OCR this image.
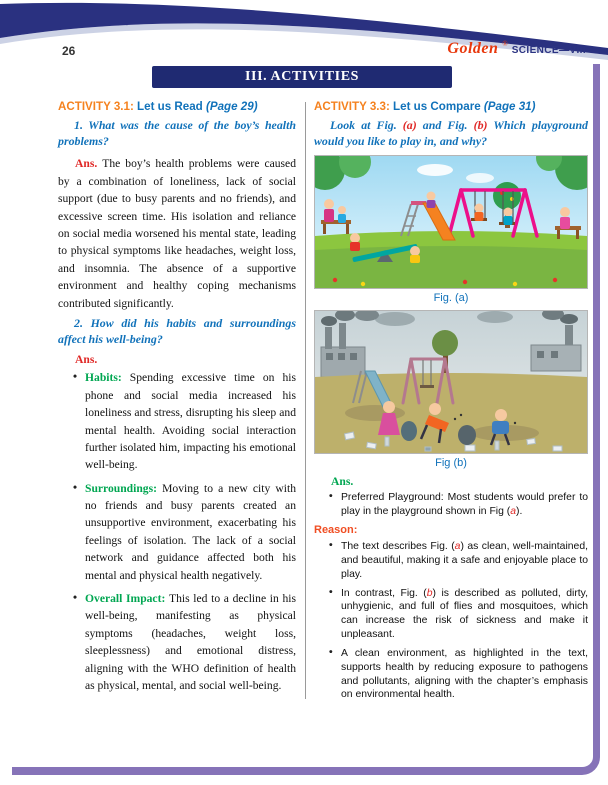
26	Golden ®
SCIENCE—VIII
III. ACTIVITIES

ACTIVITY 3.1: Let us Read (Page 29)

1. What was the cause of the boy’s health problems?

Ans. The boy’s health problems were caused by a combination of loneliness, lack of social support (due to busy parents and no friends), and excessive screen time. His isolation and reliance on social media worsened his mental state, leading to physical symptoms like headaches, weight loss, and insomnia. The absence of a supportive environment and healthy coping mechanisms contributed significantly.

2. How did his habits and surroundings affect his well-being?

Ans.

• Habits: Spending excessive time on his phone and social media increased his loneliness and stress, disrupting his sleep and mental health. Avoiding social interaction further isolated him, impacting his emotional well-being.
• Surroundings: Moving to a new city with no friends and busy parents created an unsupportive environment, exacerbating his feelings of isolation. The lack of a social network and guidance affected both his mental and physical health negatively.
• Overall Impact: This led to a decline in his well-being, manifesting as physical symptoms (headaches, weight loss, sleeplessness) and emotional distress, aligning with the WHO definition of health as physical, mental, and social well-being.

ACTIVITY 3.3: Let us Compare (Page 31)

Look at Fig. (a) and Fig. (b) Which playground would you like to play in, and why?

Fig. (a)

Fig (b)

Ans.

• Preferred Playground: Most students would prefer to play in the playground shown in Fig (a).

Reason:

• The text describes Fig. (a) as clean, well-maintained, and beautiful, making it a safe and enjoyable place to play.
• In contrast, Fig. (b) is described as polluted, dirty, unhygienic, and full of flies and mosquitoes, which can increase the risk of sickness and make it unpleasant.
• A clean environment, as highlighted in the text, supports health by reducing exposure to pathogens and pollutants, aligning with the chapter’s emphasis on environmental health.
